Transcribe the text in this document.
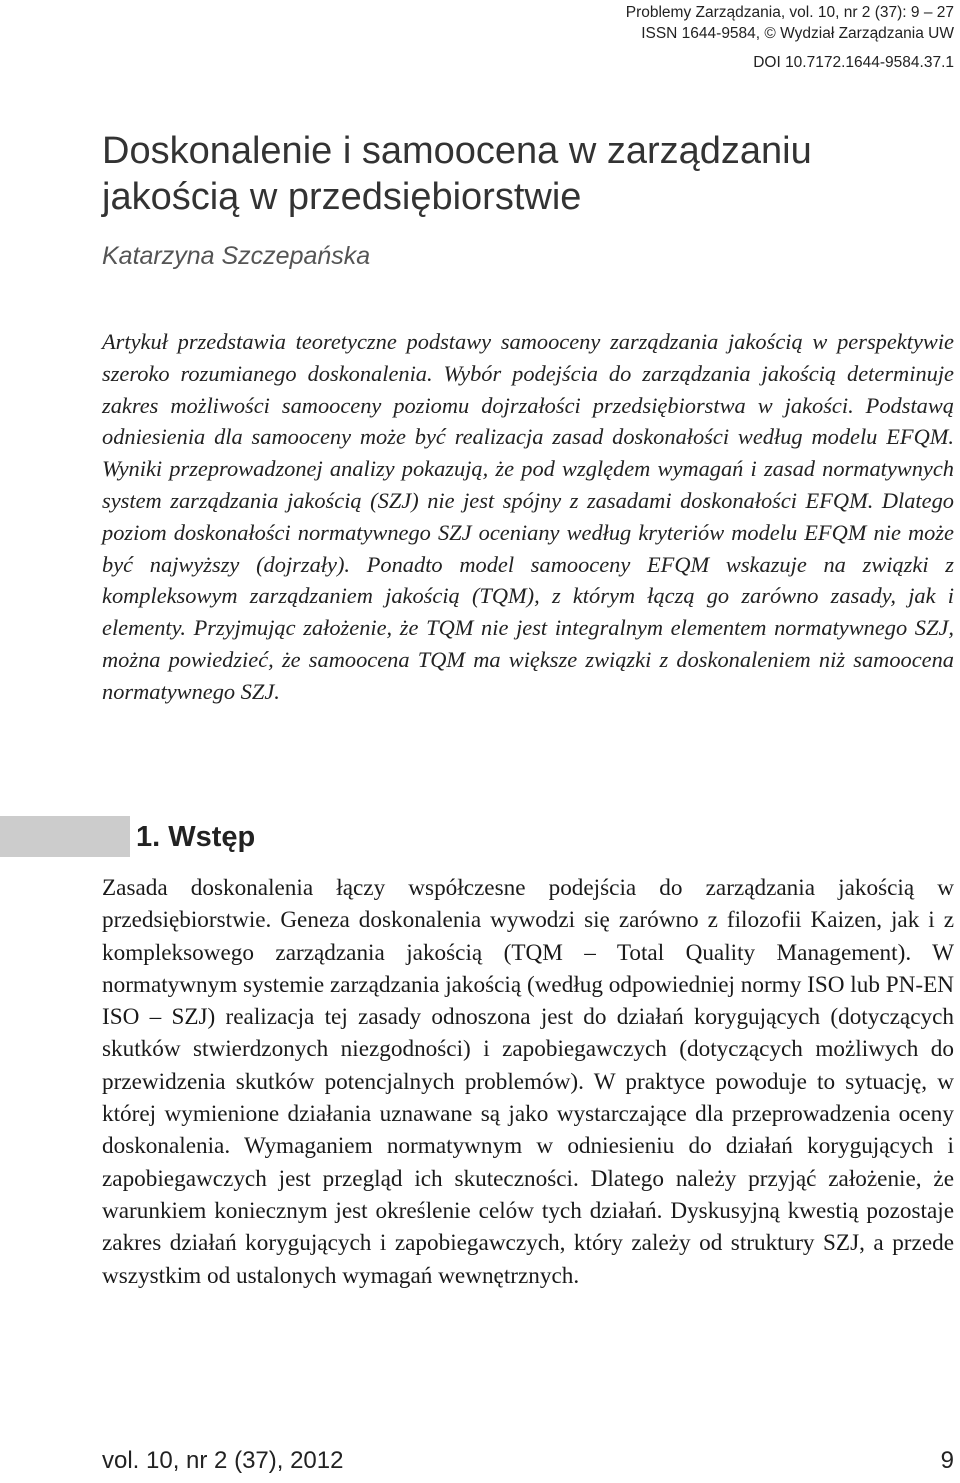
Problemy Zarządzania, vol. 10, nr 2 (37): 9 – 27
ISSN 1644-9584, © Wydział Zarządzania UW
DOI 10.7172.1644-9584.37.1
Doskonalenie i samoocena w zarządzaniu jakością w przedsiębiorstwie

Katarzyna Szczepańska

Artykuł przedstawia teoretyczne podstawy samooceny zarządzania jakością w perspektywie szeroko rozumianego doskonalenia. Wybór podejścia do zarządzania jakością determinuje zakres możliwości samooceny poziomu dojrzałości przedsiębiorstwa w jakości. Podstawą odniesienia dla samooceny może być realizacja zasad doskonałości według modelu EFQM. Wyniki przeprowadzonej analizy pokazują, że pod względem wymagań i zasad normatywnych system zarządzania jakością (SZJ) nie jest spójny z zasadami doskonałości EFQM. Dlatego poziom doskonałości normatywnego SZJ oceniany według kryteriów modelu EFQM nie może być najwyższy (dojrzały). Ponadto model samooceny EFQM wskazuje na związki z kompleksowym zarządzaniem jakością (TQM), z którym łączą go zarówno zasady, jak i elementy. Przyjmując założenie, że TQM nie jest integralnym elementem normatywnego SZJ, można powiedzieć, że samoocena TQM ma większe związki z doskonaleniem niż samoocena normatywnego SZJ.

1. Wstęp

Zasada doskonalenia łączy współczesne podejścia do zarządzania jakością w przedsiębiorstwie. Geneza doskonalenia wywodzi się zarówno z filozofii Kaizen, jak i z kompleksowego zarządzania jakością (TQM – Total Quality Management). W normatywnym systemie zarządzania jakością (według odpowiedniej normy ISO lub PN-EN ISO – SZJ) realizacja tej zasady odnoszona jest do działań korygujących (dotyczących skutków stwierdzonych niezgodności) i zapobiegawczych (dotyczących możliwych do przewidzenia skutków potencjalnych problemów). W praktyce powoduje to sytuację, w której wymienione działania uznawane są jako wystarczające dla przeprowadzenia oceny doskonalenia. Wymaganiem normatywnym w odniesieniu do działań korygujących i zapobiegawczych jest przegląd ich skuteczności. Dlatego należy przyjąć założenie, że warunkiem koniecznym jest określenie celów tych działań. Dyskusyjną kwestią pozostaje zakres działań korygujących i zapobiegawczych, który zależy od struktury SZJ, a przede wszystkim od ustalonych wymagań wewnętrznych.

vol. 10, nr 2 (37), 2012	9
